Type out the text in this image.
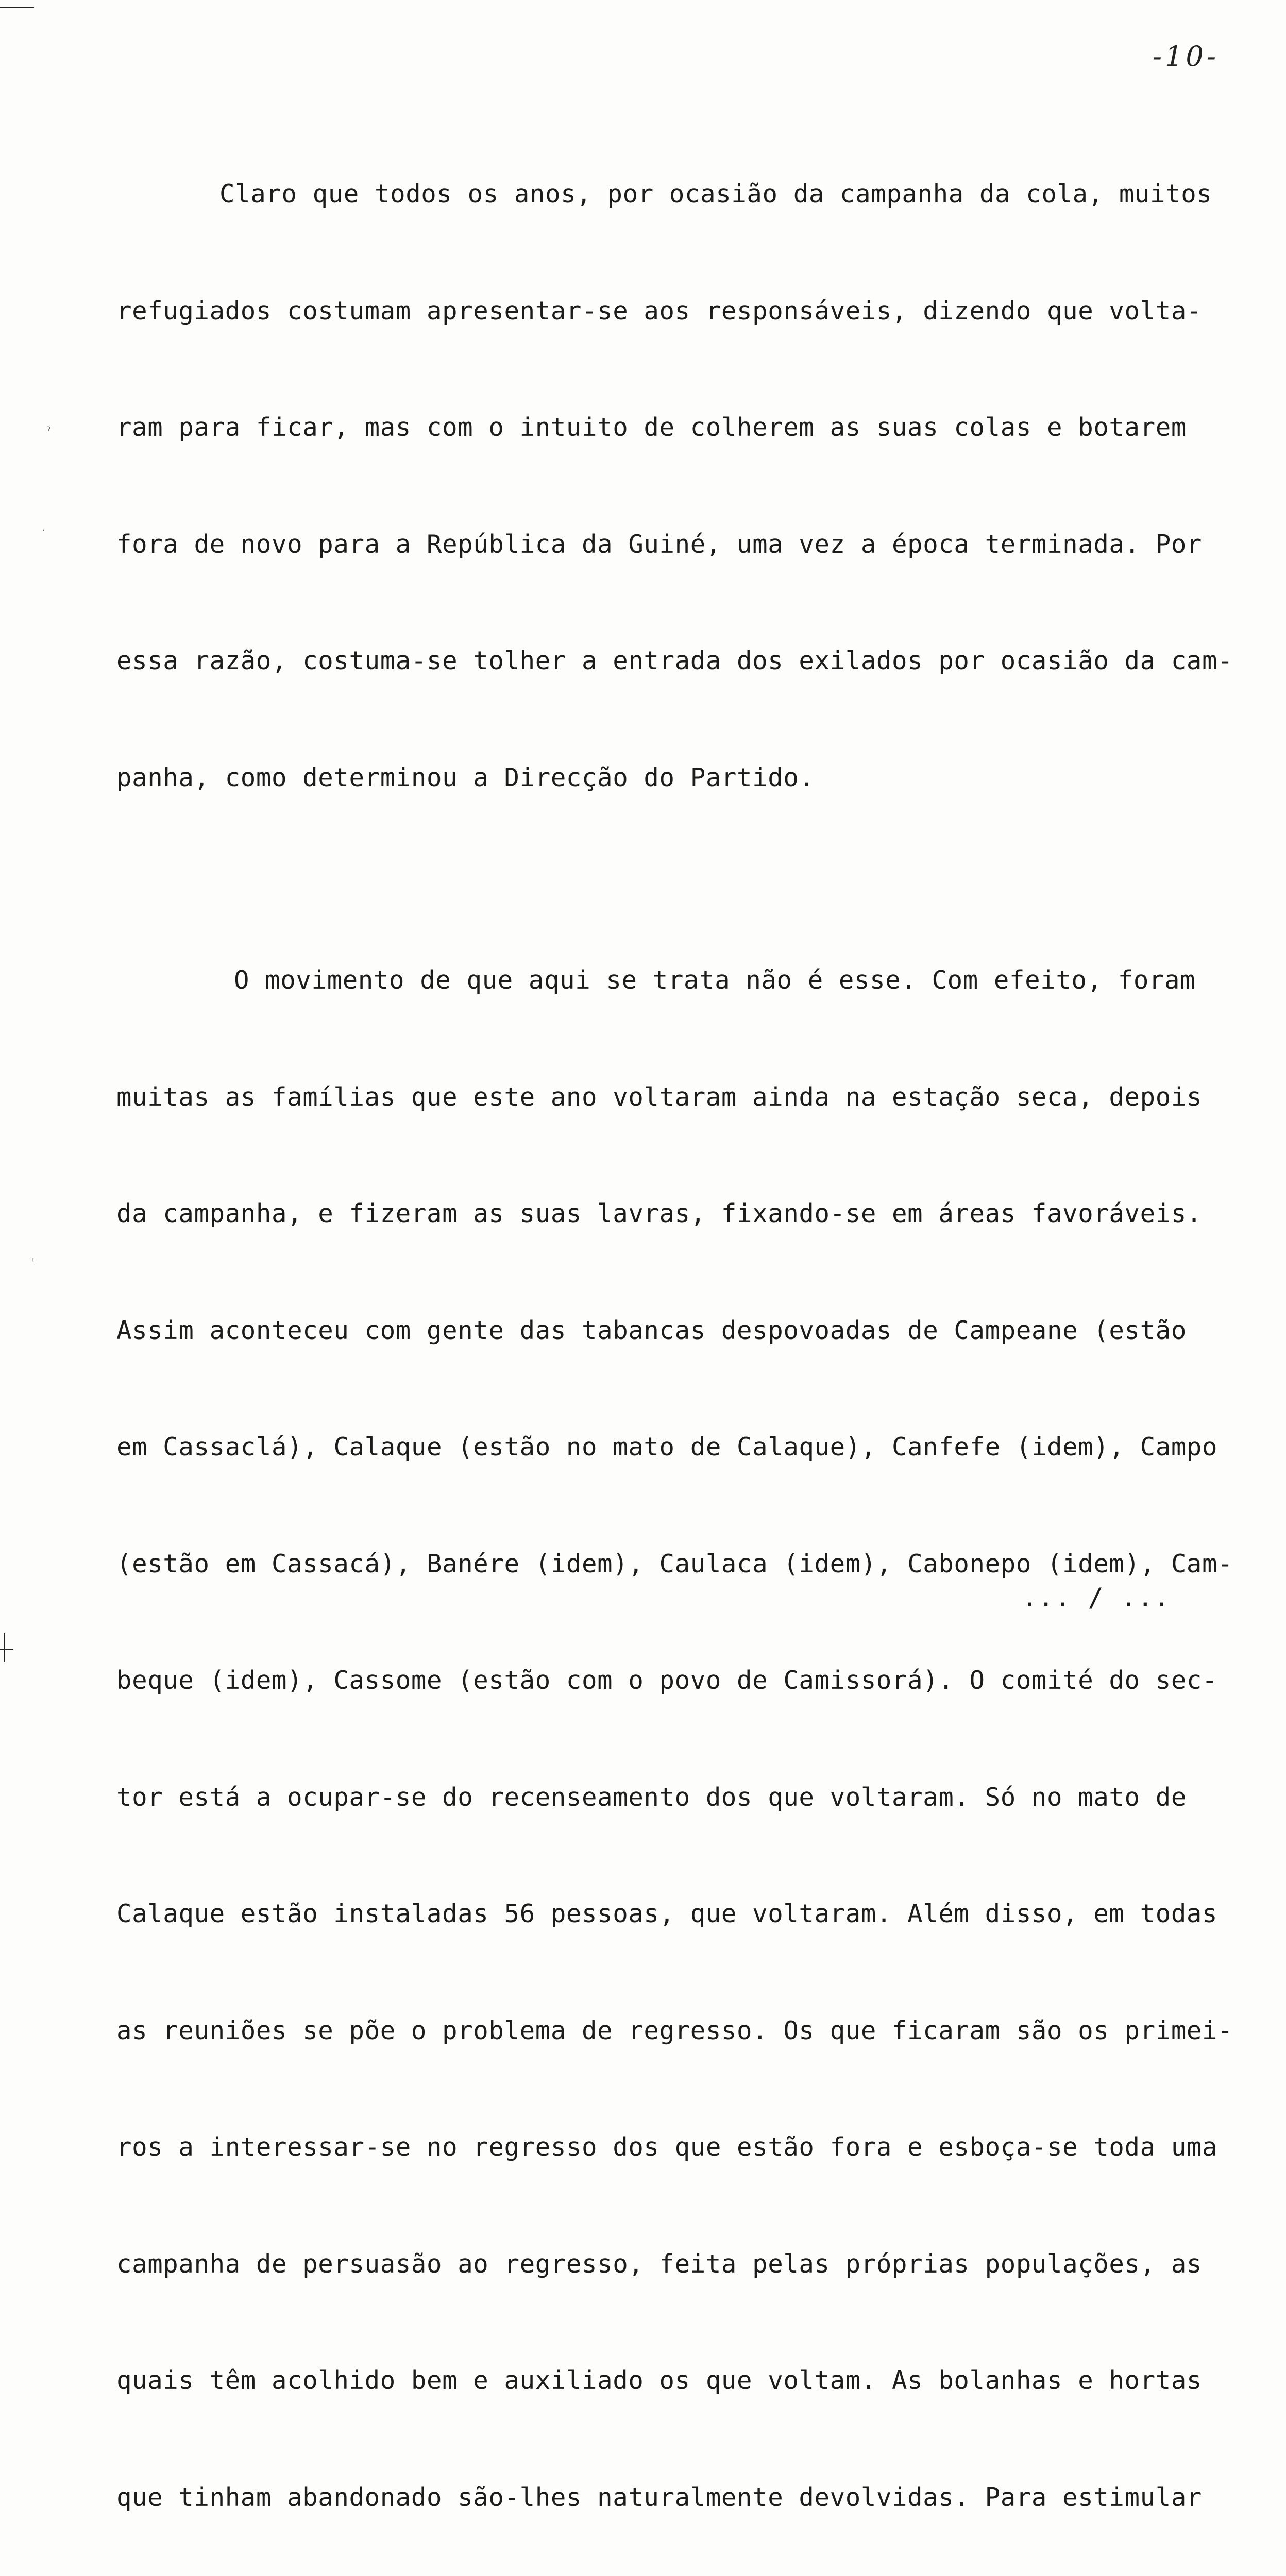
ˀ
·
ᵗ
-10-

Claro que todos os anos, por ocasião da campanha da cola, muitos

refugiados costumam apresentar-se aos responsáveis, dizendo que volta-

ram para ficar, mas com o intuito de colherem as suas colas e botarem

fora de novo para a República da Guiné, uma vez a época terminada. Por

essa razão, costuma-se tolher a entrada dos exilados por ocasião da cam-

panha, como determinou a Direcção do Partido.

O movimento de que aqui se trata não é esse. Com efeito, foram

muitas as famílias que este ano voltaram ainda na estação seca, depois

da campanha, e fizeram as suas lavras, fixando-se em áreas favoráveis.

Assim aconteceu com gente das tabancas despovoadas de Campeane (estão

em Cassaclá), Calaque (estão no mato de Calaque), Canfefe (idem), Campo

(estão em Cassacá), Banére (idem), Caulaca (idem), Cabonepo (idem), Cam-

beque (idem), Cassome (estão com o povo de Camissorá). O comité do sec-

tor está a ocupar-se do recenseamento dos que voltaram. Só no mato de

Calaque estão instaladas 56 pessoas, que voltaram. Além disso, em todas

as reuniões se põe o problema de regresso. Os que ficaram são os primei-

ros a interessar-se no regresso dos que estão fora e esboça-se toda uma

campanha de persuasão ao regresso, feita pelas próprias populações, as

quais têm acolhido bem e auxiliado os que voltam. As bolanhas e hortas

que tinham abandonado são-lhes naturalmente devolvidas. Para estimular

... / ...
